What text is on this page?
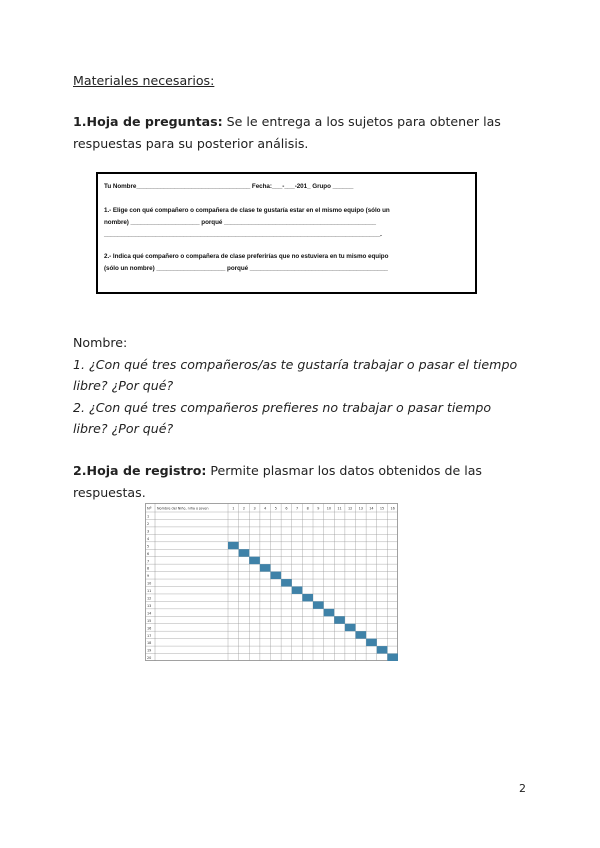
Materiales necesarios:
1.Hoja de preguntas: Se le entrega a los sujetos para obtener las respuestas para su posterior análisis.
Tu Nombre_________________________________ Fecha:___-___-201_ Grupo ______
1.- Elige con qué compañero o compañera de clase te gustaría estar en el mismo equipo (sólo un
nombre) ____________________ porqué ____________________________________________
________________________________________________________________________________.
2.- Indica qué compañero o compañera de clase preferirías que no estuviera en tu mismo equipo
(sólo un nombre) ____________________ porqué ________________________________________
Nombre:
1. ¿Con qué tres compañeros/as te gustaría trabajar o pasar el tiempo
libre? ¿Por qué?
2. ¿Con qué tres compañeros prefieres no trabajar o pasar tiempo
libre? ¿Por qué?
2.Hoja de registro: Permite plasmar los datos obtenidos de las respuestas.
Nº Nombre del Niño, niña o joven	1 2 3 4 5 6 7 8 9 10 11 12 13 14 15 16
1
2
3
4
5
6
7
8
9
10
11
12
13
14
15
16
17
18
19
20
2
